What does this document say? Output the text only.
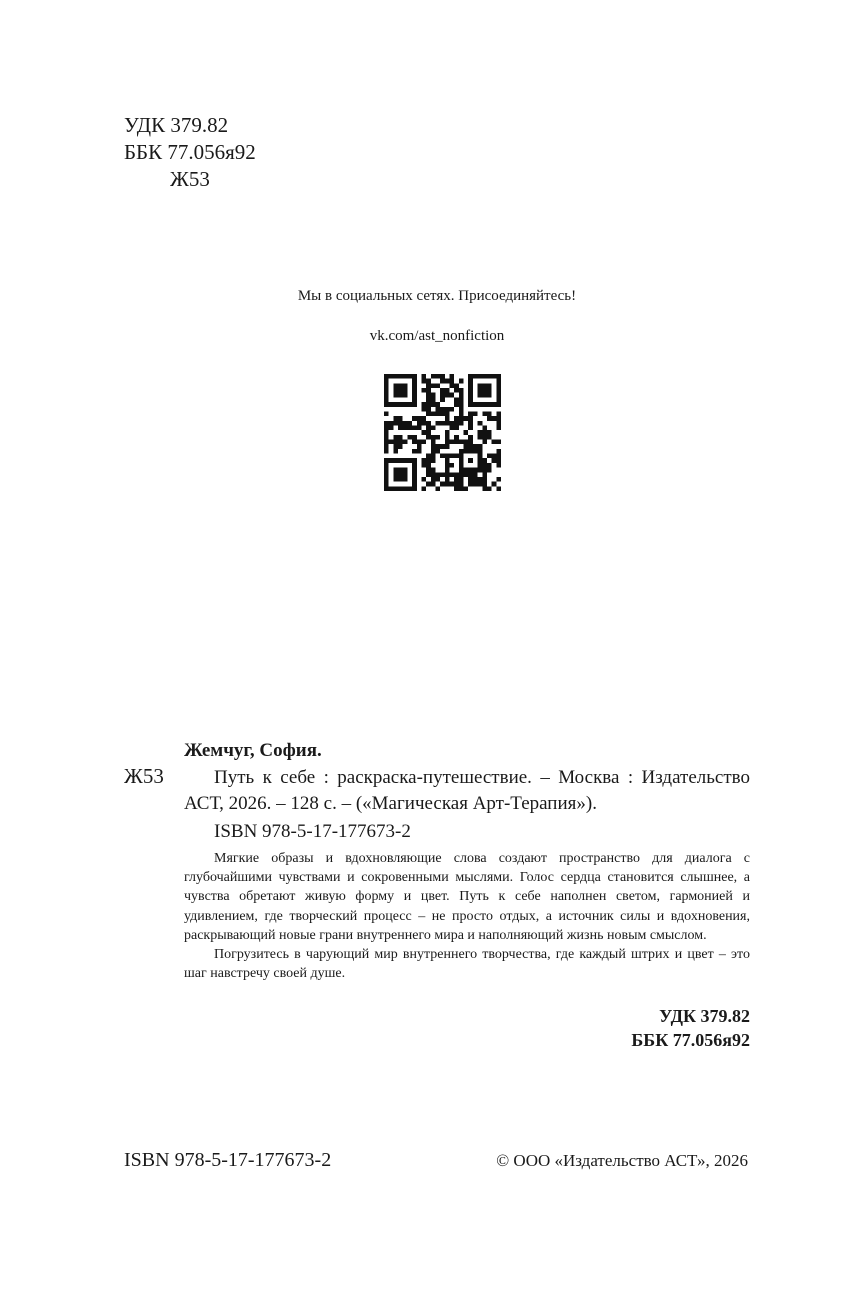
УДК 379.82
ББК 77.056я92
Ж53
Мы в социальных сетях. Присоединяйтесь!
vk.com/ast_nonfiction
Жемчуг, София.
Ж53	Путь к себе : раскраска-путешествие. – Москва : Издательство АСТ, 2026. – 128 с. – («Магическая Арт-Терапия»).
ISBN 978-5-17-177673-2

Мягкие образы и вдохновляющие слова создают пространство для диалога с глубочайшими чувствами и сокровенными мыслями. Голос сердца становится слышнее, а чувства обретают живую форму и цвет. Путь к себе наполнен светом, гармонией и удивлением, где творческий процесс – не просто отдых, а источник силы и вдохновения, раскрывающий новые грани внутреннего мира и наполняющий жизнь новым смыслом.

Погрузитесь в чарующий мир внутреннего творчества, где каждый штрих и цвет – это шаг навстречу своей душе.

УДК 379.82
ББК 77.056я92
ISBN 978-5-17-177673-2	© ООО «Издательство АСТ», 2026
